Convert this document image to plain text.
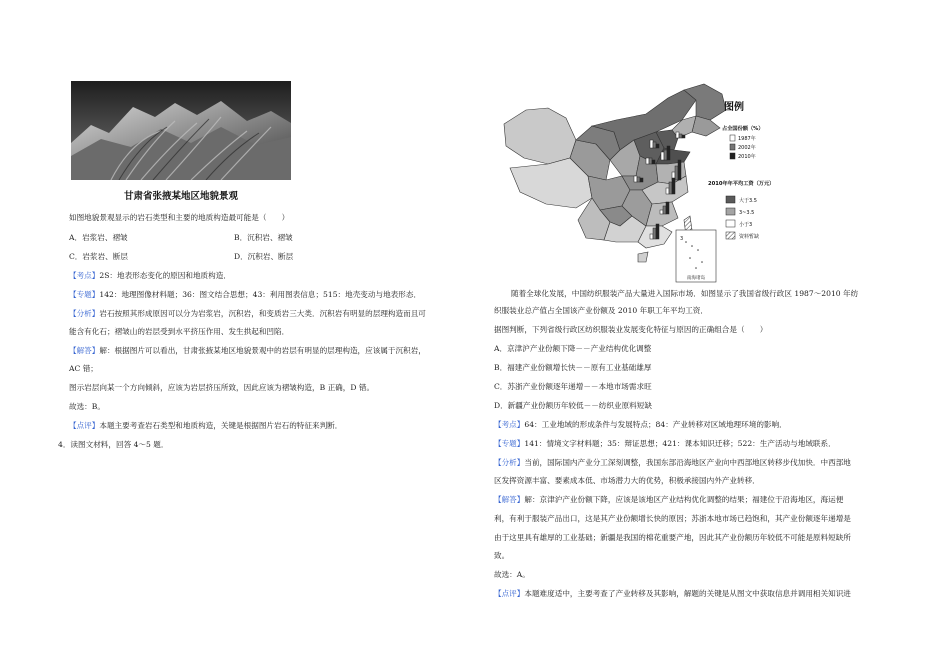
甘肃省张掖某地区地貌景观
如图地貌景观显示的岩石类型和主要的地质构造最可能是（　　）
A．岩浆岩、褶皱	B．沉积岩、褶皱
C．岩浆岩、断层	D．沉积岩、断层
【考点】2S：地表形态变化的原因和地质构造．
【专题】142：地理图像材料题；36：图文结合思想；43：利用图表信息；515：地壳变动与地表形态．
【分析】岩石按照其形成原因可以分为岩浆岩，沉积岩，和变质岩三大类．沉积岩有明显的层理构造而且可
能含有化石；褶皱山的岩层受到水平挤压作用、发生拱起和凹陷．
【解答】解：根据图片可以看出，甘肃张掖某地区地貌景观中的岩层有明显的层理构造，应该属于沉积岩，
AC 错；
图示岩层向某一个方向倾斜，应该为岩层挤压所致，因此应该为褶皱构造，B 正确，D 错。
故选：B。
【点评】本题主要考查岩石类型和地质构造，关键是根据图片岩石的特征来判断．
4．读图文材料，回答 4～5 题．
3
南海诸岛
图例
占全国份额（%）
1987年
2002年
2010年
2010年年平均工资（万元）
大于3.5
3~3.5
小于3
资料暂缺
随着全球化发展，中国纺织服装产品大量进入国际市场．如图显示了我国省级行政区 1987～2010 年纺
织服装业总产值占全国该产业份额及 2010 年职工年平均工资．
据图判断，下列省级行政区纺织服装业发展变化特征与原因的正确组合是（　　）
A．京津沪产业份额下降－－产业结构优化调整
B．福建产业份额增长快－－原有工业基础雄厚
C．苏浙产业份额逐年递增－－本地市场需求旺
D．新疆产业份额历年较低－－纺织业原料短缺
【考点】64：工业地域的形成条件与发展特点；84：产业转移对区域地理环境的影响．
【专题】141：情境文字材料题；35：辩证思想；421：课本知识迁移；522：生产活动与地域联系．
【分析】当前，国际国内产业分工深刻调整，我国东部沿海地区产业向中西部地区转移步伐加快．中西部地
区发挥资源丰富、要素成本低、市场潜力大的优势，积极承接国内外产业转移．
【解答】解：京津沪产业份额下降，应该是该地区产业结构优化调整的结果；福建位于沿海地区，海运便
利，有利于服装产品出口，这是其产业份额增长快的原因；苏浙本地市场已趋饱和，其产业份额逐年递增是
由于这里具有雄厚的工业基础；新疆是我国的棉花重要产地，因此其产业份额历年较低不可能是原料短缺所
致。
故选：A。
【点评】本题难度适中，主要考查了产业转移及其影响，解题的关键是从图文中获取信息并调用相关知识进
